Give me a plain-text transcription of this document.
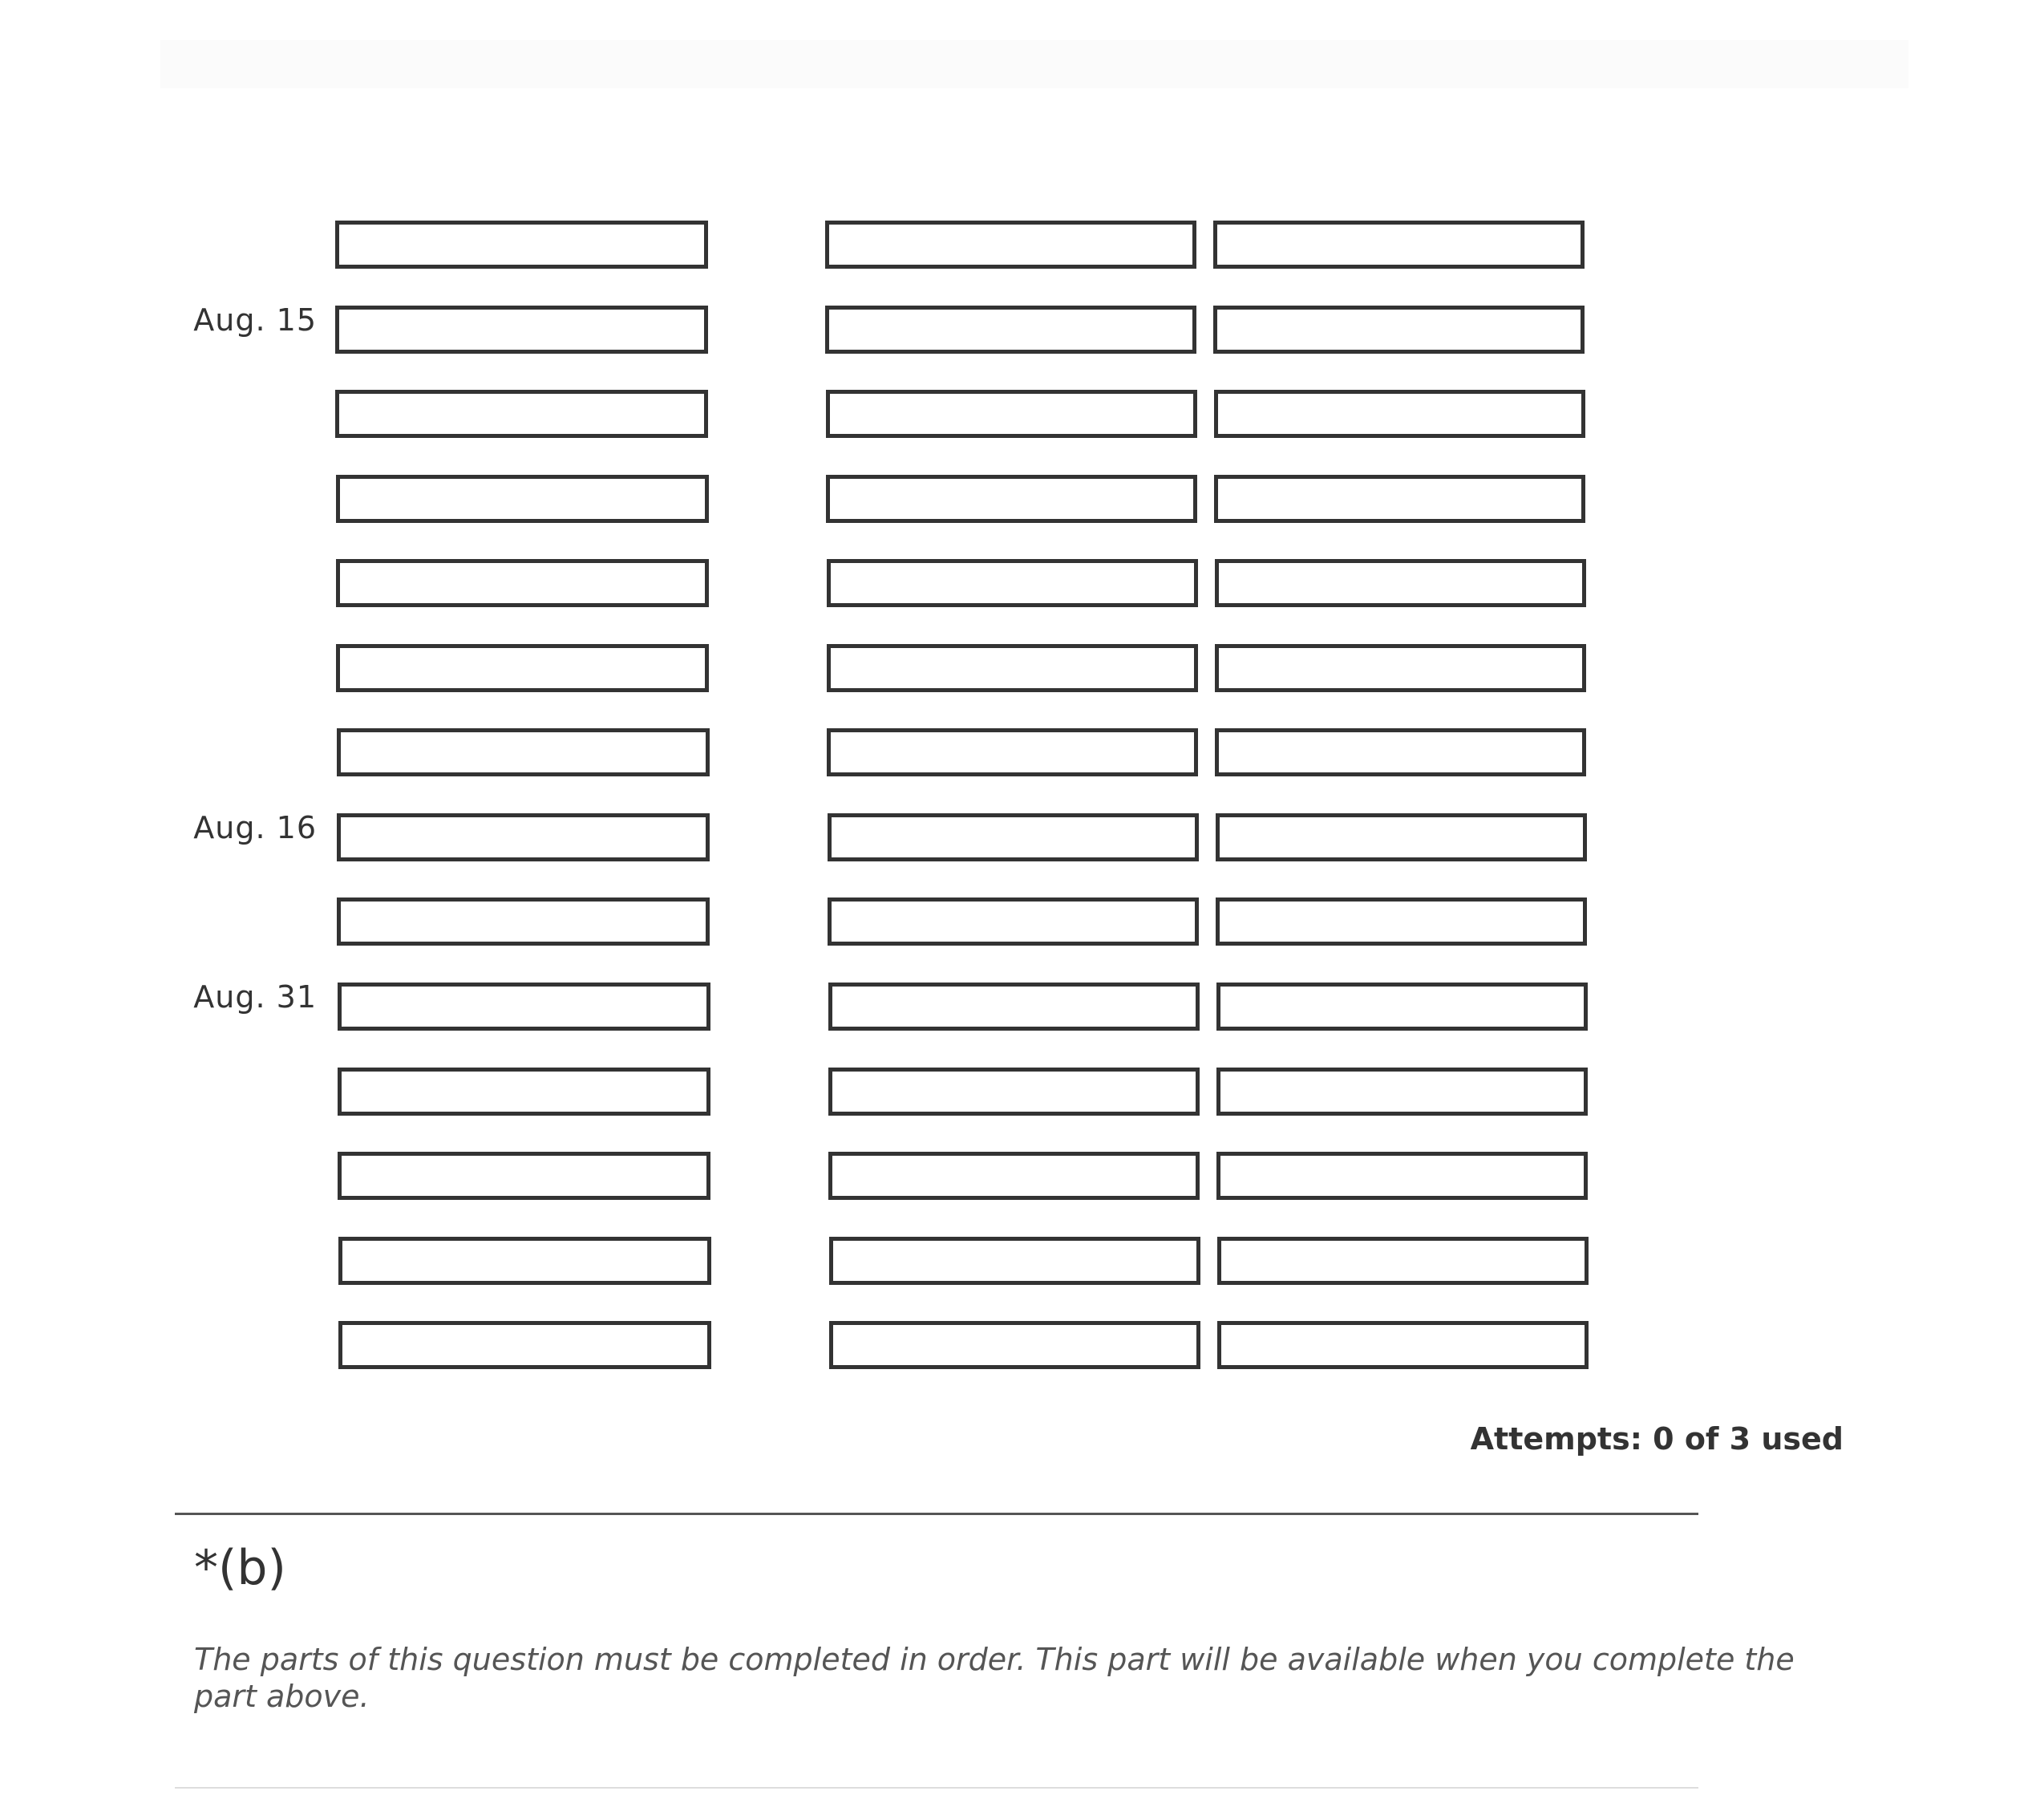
Aug. 15
Aug. 16
Aug. 31
Attempts: 0 of 3 used
*(b)
The parts of this question must be completed in order. This part will be available when you complete the part above.
